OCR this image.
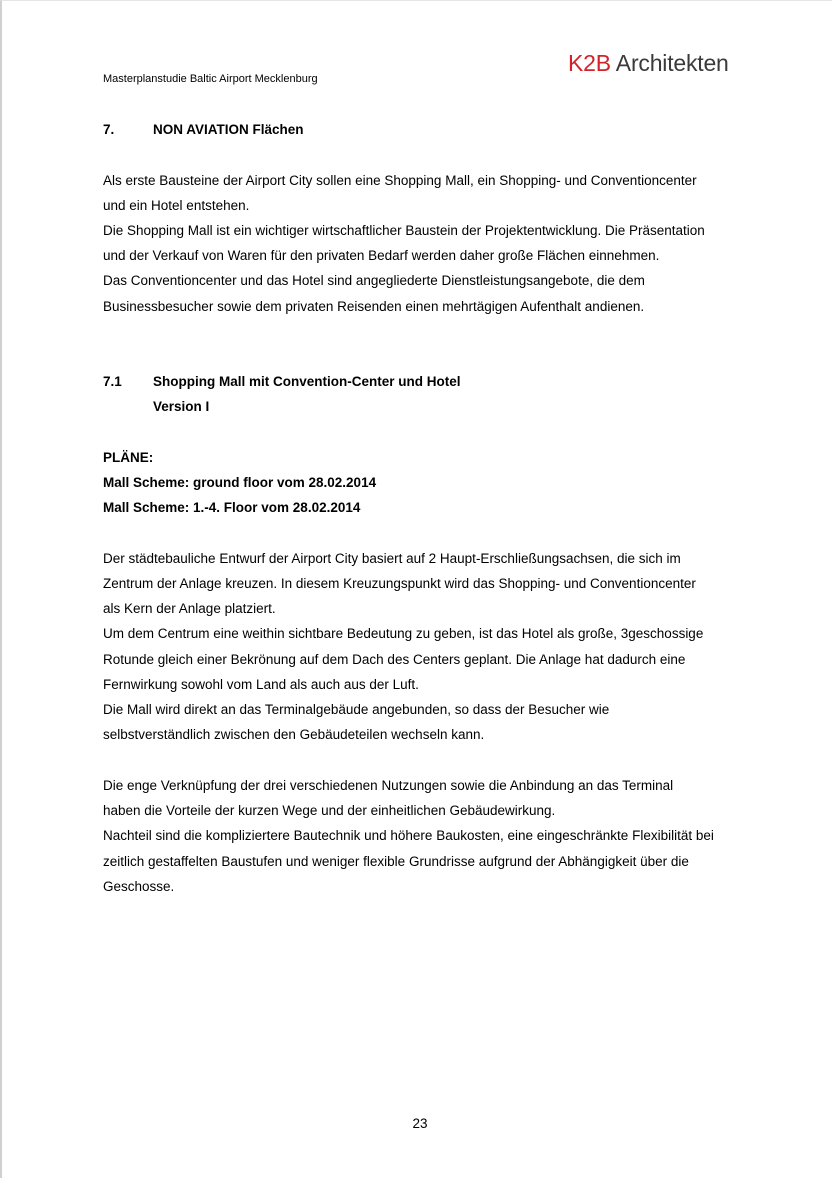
K2B Architekten
Masterplanstudie Baltic Airport Mecklenburg
7.	NON AVIATION Flächen
Als erste Bausteine der Airport City sollen eine Shopping Mall, ein Shopping- und Conventioncenter
und ein Hotel entstehen.
Die Shopping Mall ist ein wichtiger wirtschaftlicher Baustein der Projektentwicklung. Die Präsentation
und der Verkauf von Waren für den privaten Bedarf werden daher große Flächen einnehmen.
Das Conventioncenter und das Hotel sind angegliederte Dienstleistungsangebote, die dem
Businessbesucher sowie dem privaten Reisenden einen mehrtägigen Aufenthalt andienen.
7.1 Shopping Mall mit Convention-Center und Hotel
Version I
PLÄNE:
Mall Scheme: ground floor vom 28.02.2014
Mall Scheme: 1.-4. Floor vom 28.02.2014
Der städtebauliche Entwurf der Airport City basiert auf 2 Haupt-Erschließungsachsen, die sich im
Zentrum der Anlage kreuzen. In diesem Kreuzungspunkt wird das Shopping- und Conventioncenter
als Kern der Anlage platziert.
Um dem Centrum eine weithin sichtbare Bedeutung zu geben, ist das Hotel als große, 3geschossige
Rotunde gleich einer Bekrönung auf dem Dach des Centers geplant. Die Anlage hat dadurch eine
Fernwirkung sowohl vom Land als auch aus der Luft.
Die Mall wird direkt an das Terminalgebäude angebunden, so dass der Besucher wie
selbstverständlich zwischen den Gebäudeteilen wechseln kann.
Die enge Verknüpfung der drei verschiedenen Nutzungen sowie die Anbindung an das Terminal
haben die Vorteile der kurzen Wege und der einheitlichen Gebäudewirkung.
Nachteil sind die kompliziertere Bautechnik und höhere Baukosten, eine eingeschränkte Flexibilität bei
zeitlich gestaffelten Baustufen und weniger flexible Grundrisse aufgrund der Abhängigkeit über die
Geschosse.
23
